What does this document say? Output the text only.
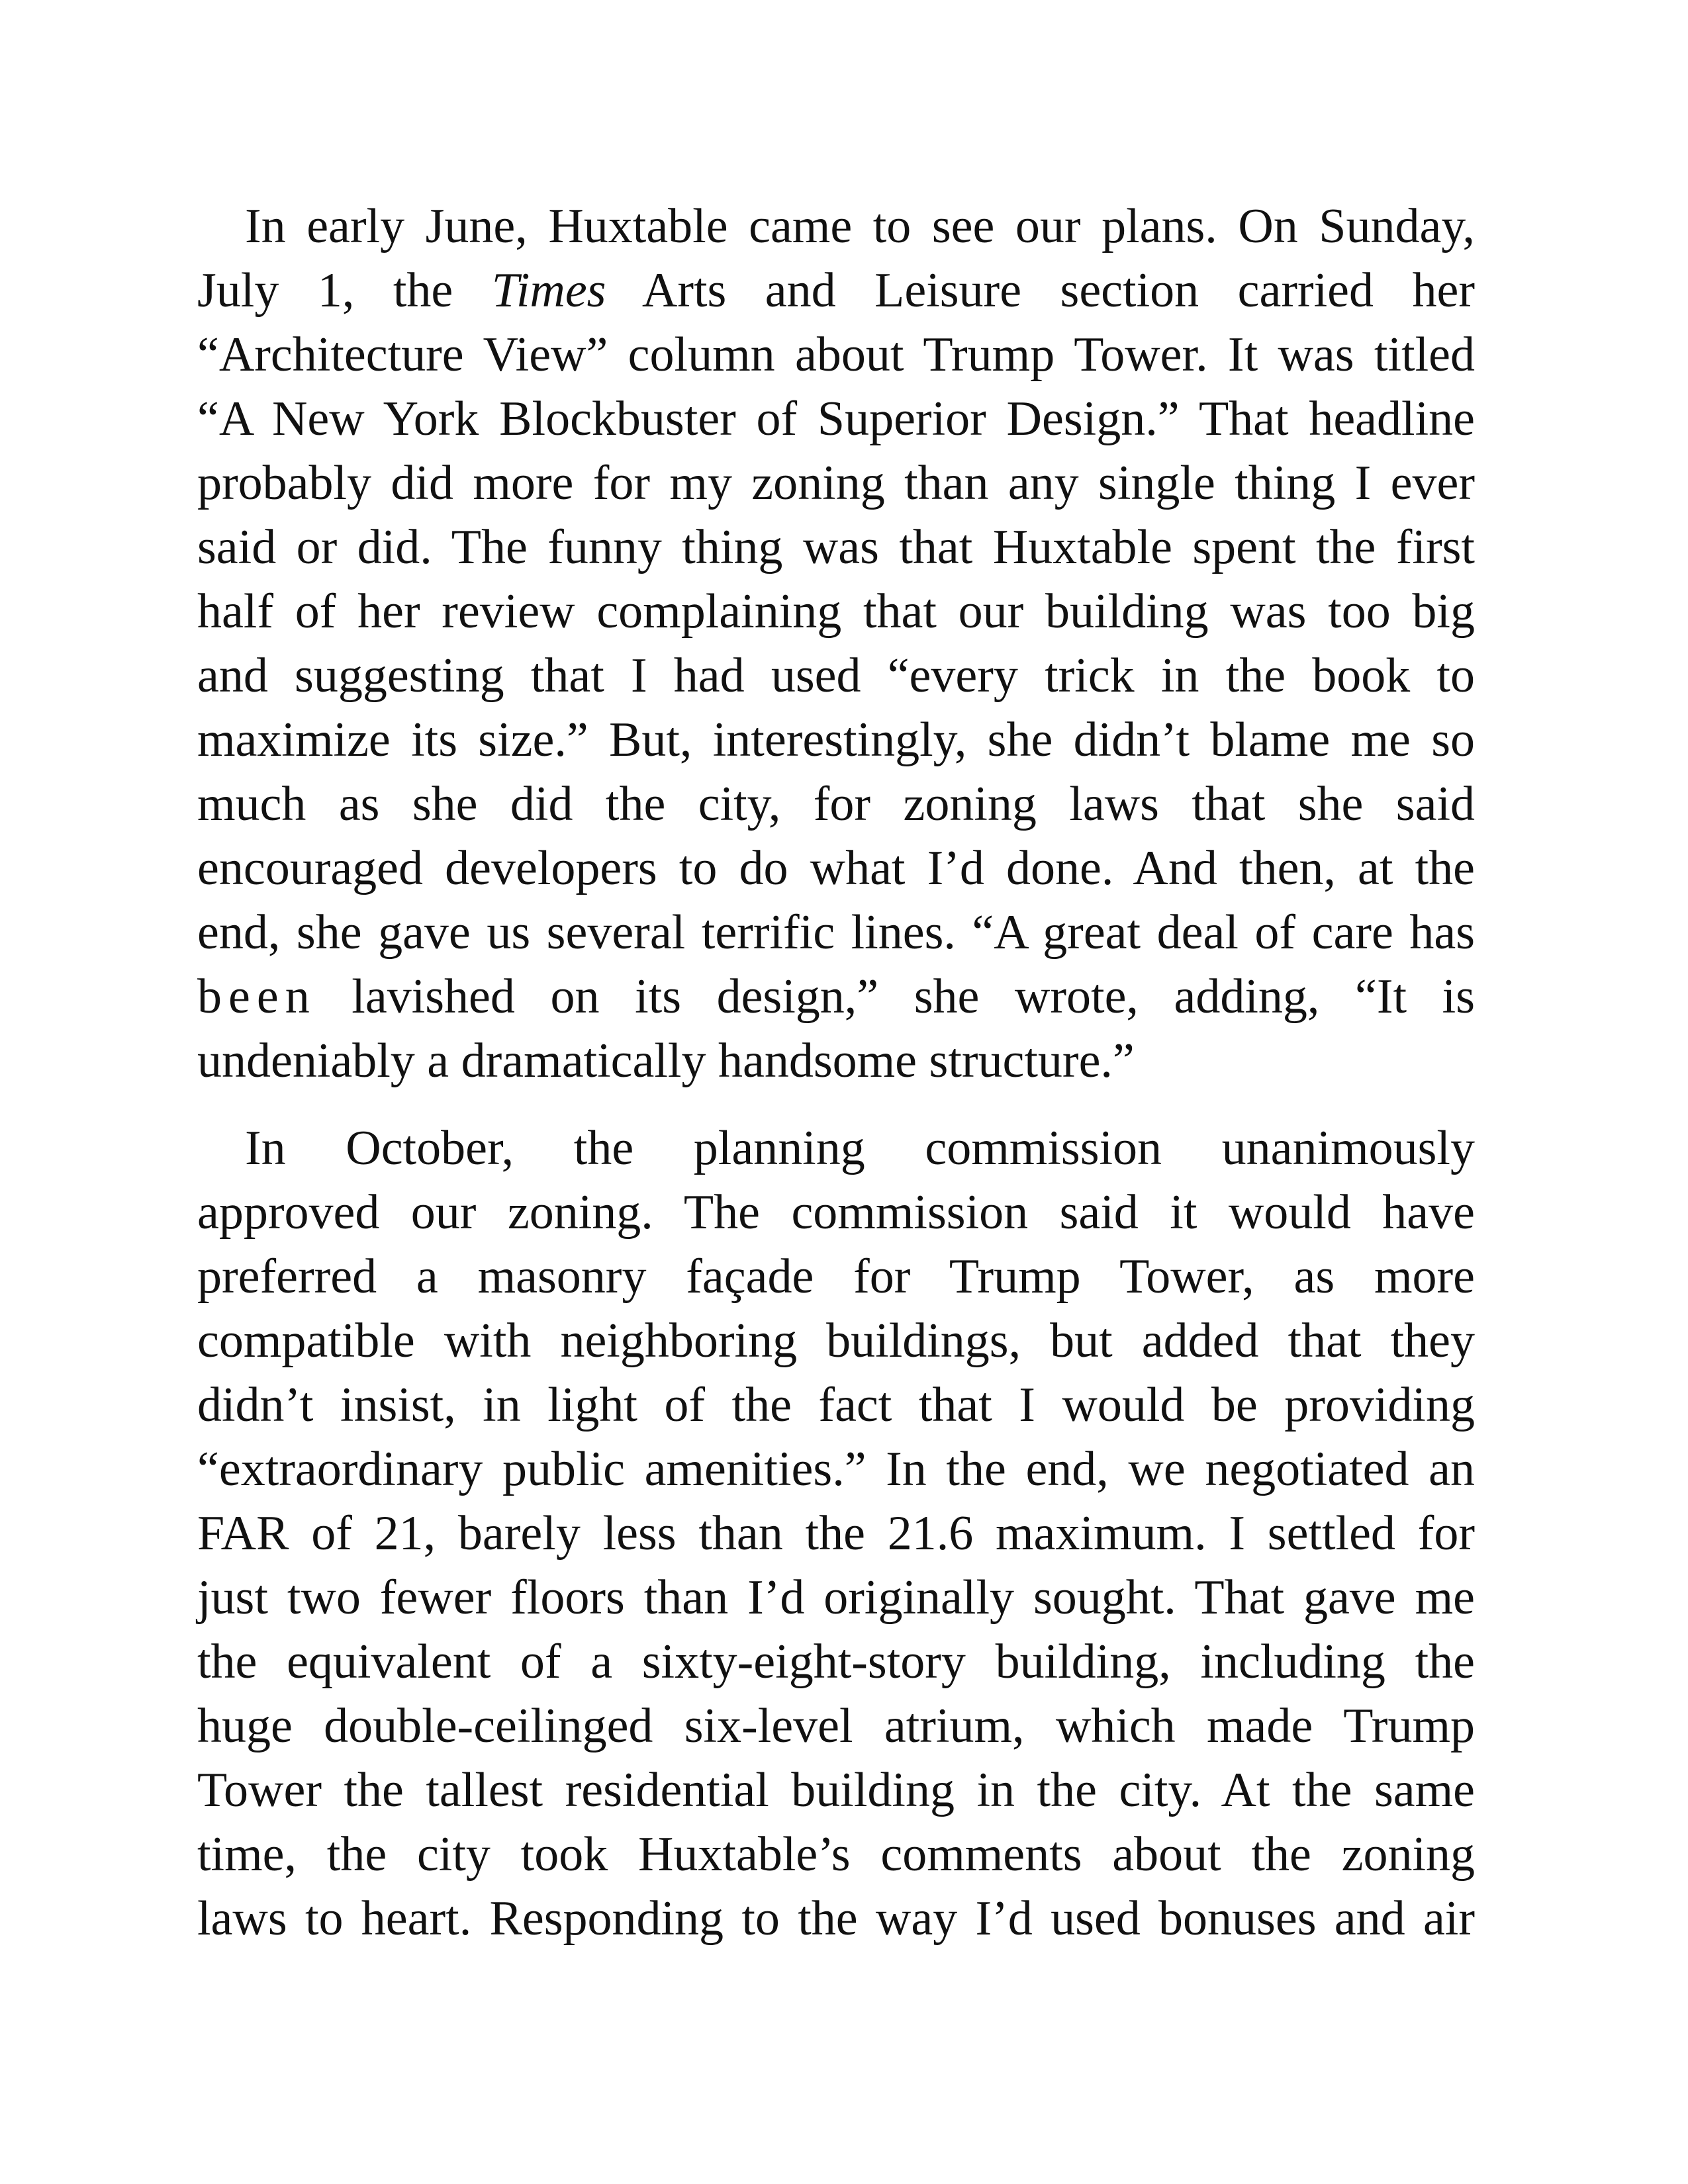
In early June, Huxtable came to see our plans. On Sunday,
July 1, the Times Arts and Leisure section carried her
“Architecture View” column about Trump Tower. It was titled
“A New York Blockbuster of Superior Design.” That headline
probably did more for my zoning than any single thing I ever
said or did. The funny thing was that Huxtable spent the first
half of her review complaining that our building was too big
and suggesting that I had used “every trick in the book to
maximize its size.” But, interestingly, she didn’t blame me so
much as she did the city, for zoning laws that she said
encouraged developers to do what I’d done. And then, at the
end, she gave us several terrific lines. “A great deal of care has
been lavished on its design,” she wrote, adding, “It is
undeniably a dramatically handsome structure.”
In October, the planning commission unanimously
approved our zoning. The commission said it would have
preferred a masonry façade for Trump Tower, as more
compatible with neighboring buildings, but added that they
didn’t insist, in light of the fact that I would be providing
“extraordinary public amenities.” In the end, we negotiated an
FAR of 21, barely less than the 21.6 maximum. I settled for
just two fewer floors than I’d originally sought. That gave me
the equivalent of a sixty-eight-story building, including the
huge double-ceilinged six-level atrium, which made Trump
Tower the tallest residential building in the city. At the same
time, the city took Huxtable’s comments about the zoning
laws to heart. Responding to the way I’d used bonuses and air
